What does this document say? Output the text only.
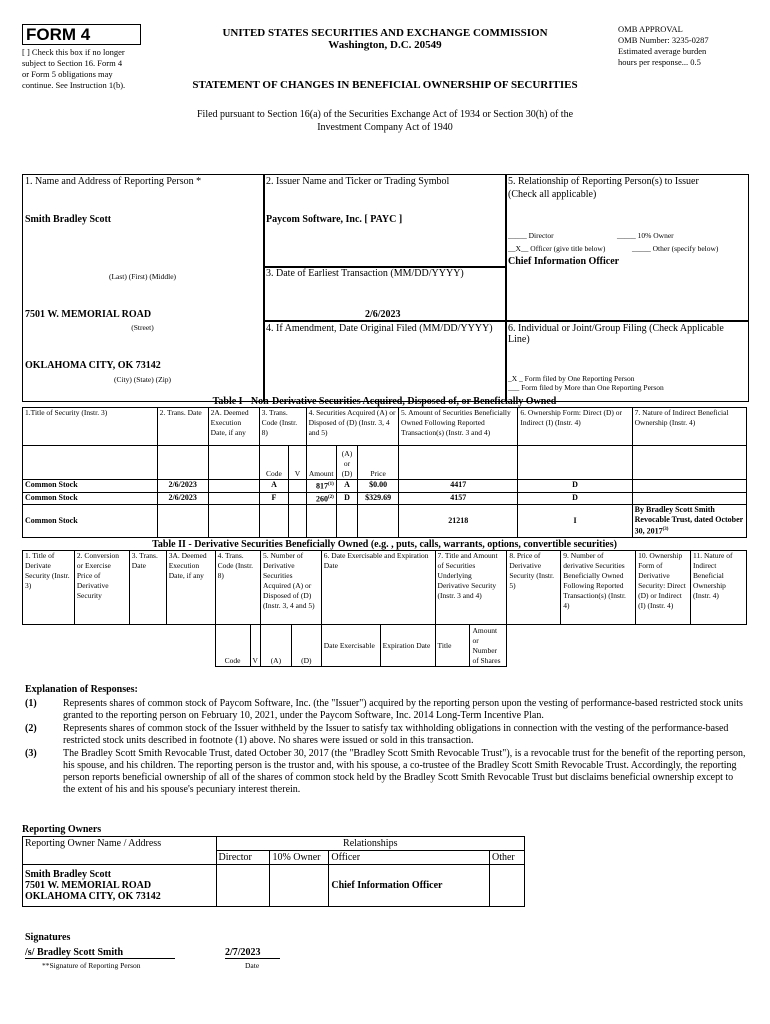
FORM 4
[ ] Check this box if no longer
subject to Section 16. Form 4
or Form 5 obligations may
continue. See Instruction 1(b).
UNITED STATES SECURITIES AND EXCHANGE COMMISSION
Washington, D.C. 20549
OMB APPROVAL
OMB Number: 3235-0287
Estimated average burden
hours per response... 0.5
STATEMENT OF CHANGES IN BENEFICIAL OWNERSHIP OF SECURITIES
Filed pursuant to Section 16(a) of the Securities Exchange Act of 1934 or Section 30(h) of the
Investment Company Act of 1940
1. Name and Address of Reporting Person *
Smith Bradley Scott
(Last) (First) (Middle)
7501 W. MEMORIAL ROAD
(Street)
OKLAHOMA CITY, OK 73142
(City) (State) (Zip)
2. Issuer Name and Ticker or Trading Symbol
Paycom Software, Inc. [ PAYC ]
3. Date of Earliest Transaction (MM/DD/YYYY)
2/6/2023
4. If Amendment, Date Original Filed (MM/DD/YYYY)
5. Relationship of Reporting Person(s) to Issuer
(Check all applicable)
_____ Director	_____ 10% Owner
__X__ Officer (give title below)	_____ Other (specify below)
Chief Information Officer
6. Individual or Joint/Group Filing (Check Applicable Line)
_X _ Form filed by One Reporting Person
___ Form filed by More than One Reporting Person
Table I - Non-Derivative Securities Acquired, Disposed of, or Beneficially Owned
1.Title of Security (Instr. 3)	2. Trans. Date	2A. Deemed Execution Date, if any	3. Trans. Code (Instr. 8)		4. Securities Acquired (A) or Disposed of (D) (Instr. 3, 4 and 5)			5. Amount of Securities Beneficially Owned Following Reported Transaction(s) (Instr. 3 and 4)	6. Ownership Form: Direct (D) or Indirect (I) (Instr. 4)	7. Nature of Indirect Beneficial Ownership (Instr. 4)
			Code	V	Amount	(A) or (D)	Price			
Common Stock	2/6/2023		A		817$^{(1)}$	A	$0.00	4417	D	
Common Stock	2/6/2023		F		260$^{(2)}$	D	$329.69	4157	D	
Common Stock								21218	I	By Bradley Scott Smith Revocable Trust, dated October 30, 2017$^{(3)}$
Table II - Derivative Securities Beneficially Owned (e.g. , puts, calls, warrants, options, convertible securities)
1. Title of Derivate Security (Instr. 3)	2. Conversion or Exercise Price of Derivative Security	3. Trans. Date	3A. Deemed Execution Date, if any	4. Trans. Code (Instr. 8)		5. Number of Derivative Securities Acquired (A) or Disposed of (D) (Instr. 3, 4 and 5)		6. Date Exercisable and Expiration Date		7. Title and Amount of Securities Underlying Derivative Security (Instr. 3 and 4)		8. Price of Derivative Security (Instr. 5)	9. Number of derivative Securities Beneficially Owned Following Reported Transaction(s) (Instr. 4)	10. Ownership Form of Derivative Security: Direct (D) or Indirect (I) (Instr. 4)	11. Nature of Indirect Beneficial Ownership (Instr. 4)
				Code	V	(A)	(D)	Date Exercisable	Expiration Date	Title	Amount or Number of Shares				
Explanation of Responses:
(1)	Represents shares of common stock of Paycom Software, Inc. (the "Issuer") acquired by the reporting person upon the vesting of performance-based restricted stock units granted to the reporting person on February 10, 2021, under the Paycom Software, Inc. 2014 Long-Term Incentive Plan.
(2)	Represents shares of common stock of the Issuer withheld by the Issuer to satisfy tax withholding obligations in connection with the vesting of the performance-based restricted stock units described in footnote (1) above. No shares were issued or sold in this transaction.
(3)	The Bradley Scott Smith Revocable Trust, dated October 30, 2017 (the "Bradley Scott Smith Revocable Trust"), is a revocable trust for the benefit of the reporting person, his spouse, and his children. The reporting person is the trustor and, with his spouse, a co-trustee of the Bradley Scott Smith Revocable Trust. Accordingly, the reporting person reports beneficial ownership of all of the shares of common stock held by the Bradley Scott Smith Revocable Trust but disclaims beneficial ownership except to the extent of his and his spouse's pecuniary interest therein.
Reporting Owners
Reporting Owner Name / Address	Relationships			
	Director	10% Owner	Officer	Other

Smith Bradley Scott
7501 W. MEMORIAL ROAD
OKLAHOMA CITY, OK 73142			Chief Information Officer	
Signatures
/s/ Bradley Scott Smith	2/7/2023
**Signature of Reporting Person	Date
